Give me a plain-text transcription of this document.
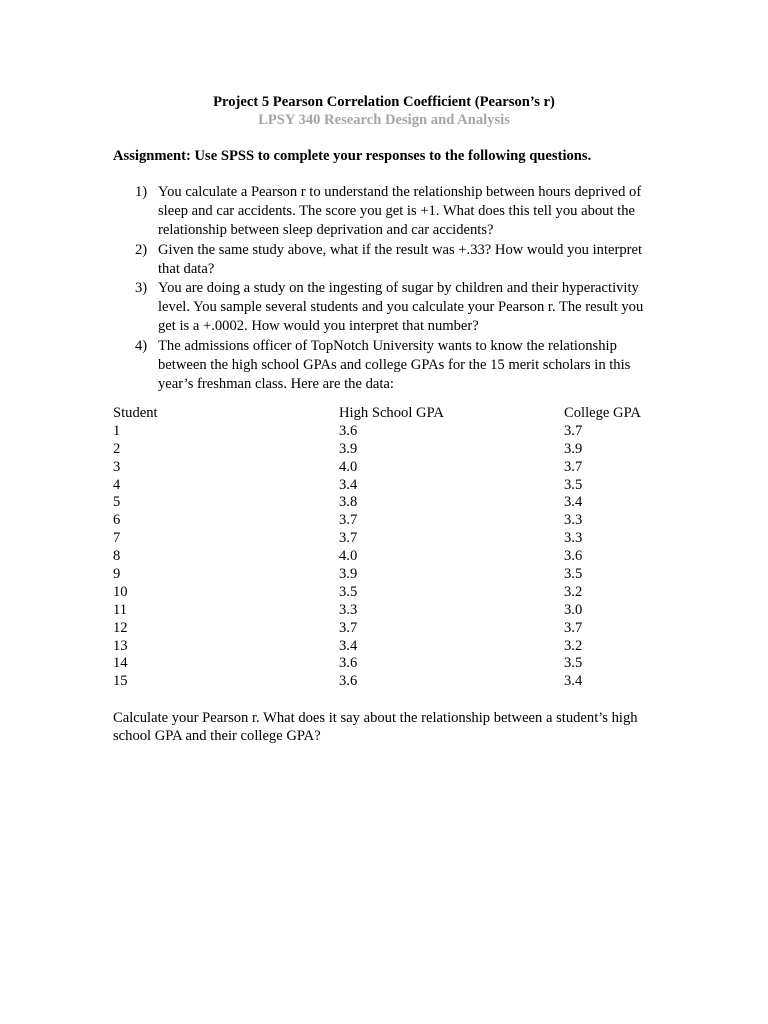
Project 5 Pearson Correlation Coefficient (Pearson’s r)
LPSY 340 Research Design and Analysis
Assignment: Use SPSS to complete your responses to the following questions.
1) You calculate a Pearson r to understand the relationship between hours deprived of sleep and car accidents. The score you get is +1. What does this tell you about the relationship between sleep deprivation and car accidents?
2) Given the same study above, what if the result was +.33? How would you interpret that data?
3) You are doing a study on the ingesting of sugar by children and their hyperactivity level. You sample several students and you calculate your Pearson r. The result you get is a +.0002. How would you interpret that number?
4) The admissions officer of TopNotch University wants to know the relationship between the high school GPAs and college GPAs for the 15 merit scholars in this year’s freshman class. Here are the data:
Student	High School GPA	College GPA
1	3.6	3.7
2	3.9	3.9
3	4.0	3.7
4	3.4	3.5
5	3.8	3.4
6	3.7	3.3
7	3.7	3.3
8	4.0	3.6
9	3.9	3.5
10	3.5	3.2
11	3.3	3.0
12	3.7	3.7
13	3.4	3.2
14	3.6	3.5
15	3.6	3.4
Calculate your Pearson r. What does it say about the relationship between a student’s high school GPA and their college GPA?
